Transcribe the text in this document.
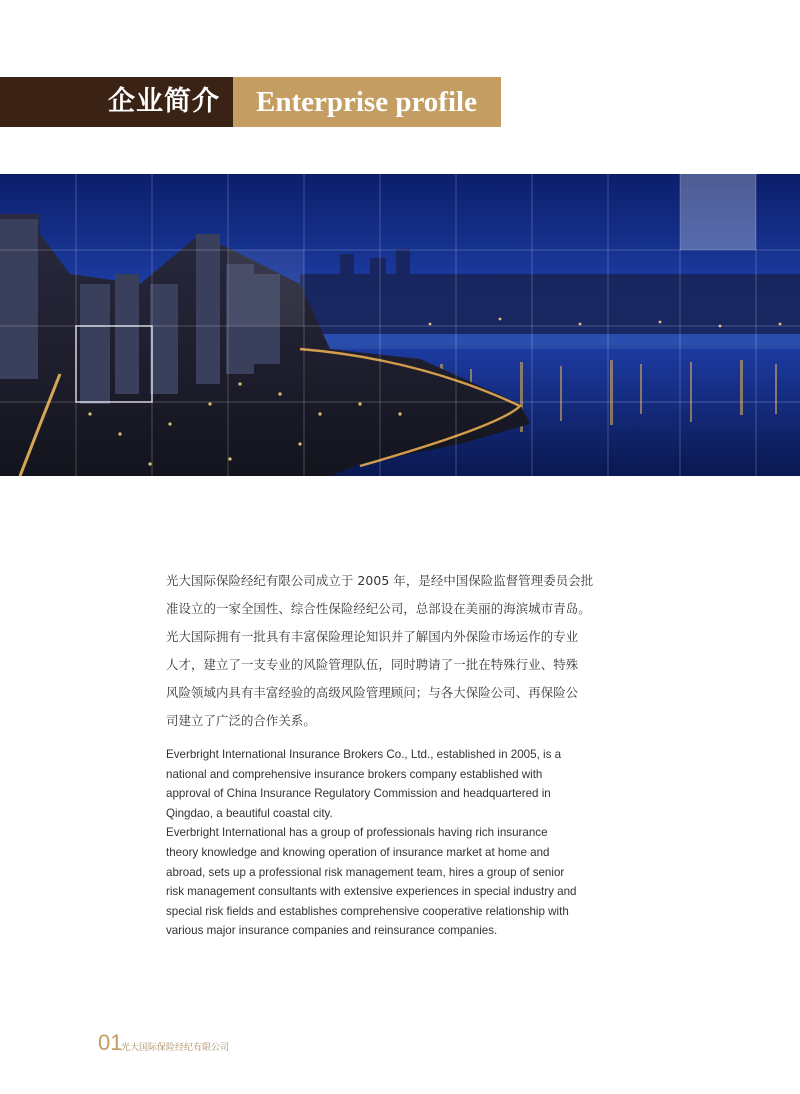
企业简介 Enterprise profile
光大国际保险经纪有限公司成立于 2005 年，是经中国保险监督管理委员会批
准设立的一家全国性、综合性保险经纪公司，总部设在美丽的海滨城市青岛。
光大国际拥有一批具有丰富保险理论知识并了解国内外保险市场运作的专业
人才，建立了一支专业的风险管理队伍，同时聘请了一批在特殊行业、特殊
风险领域内具有丰富经验的高级风险管理顾问；与各大保险公司、再保险公
司建立了广泛的合作关系。
Everbright International Insurance Brokers Co., Ltd., established in 2005, is a
national and comprehensive insurance brokers company established with
approval of China Insurance Regulatory Commission and headquartered in
Qingdao, a beautiful coastal city.
Everbright International has a group of professionals having rich insurance
theory knowledge and knowing operation of insurance market at home and
abroad, sets up a professional risk management team, hires a group of senior
risk management consultants with extensive experiences in special industry and
special risk fields and establishes comprehensive cooperative relationship with
various major insurance companies and reinsurance companies.
01
光大国际保险经纪有限公司
